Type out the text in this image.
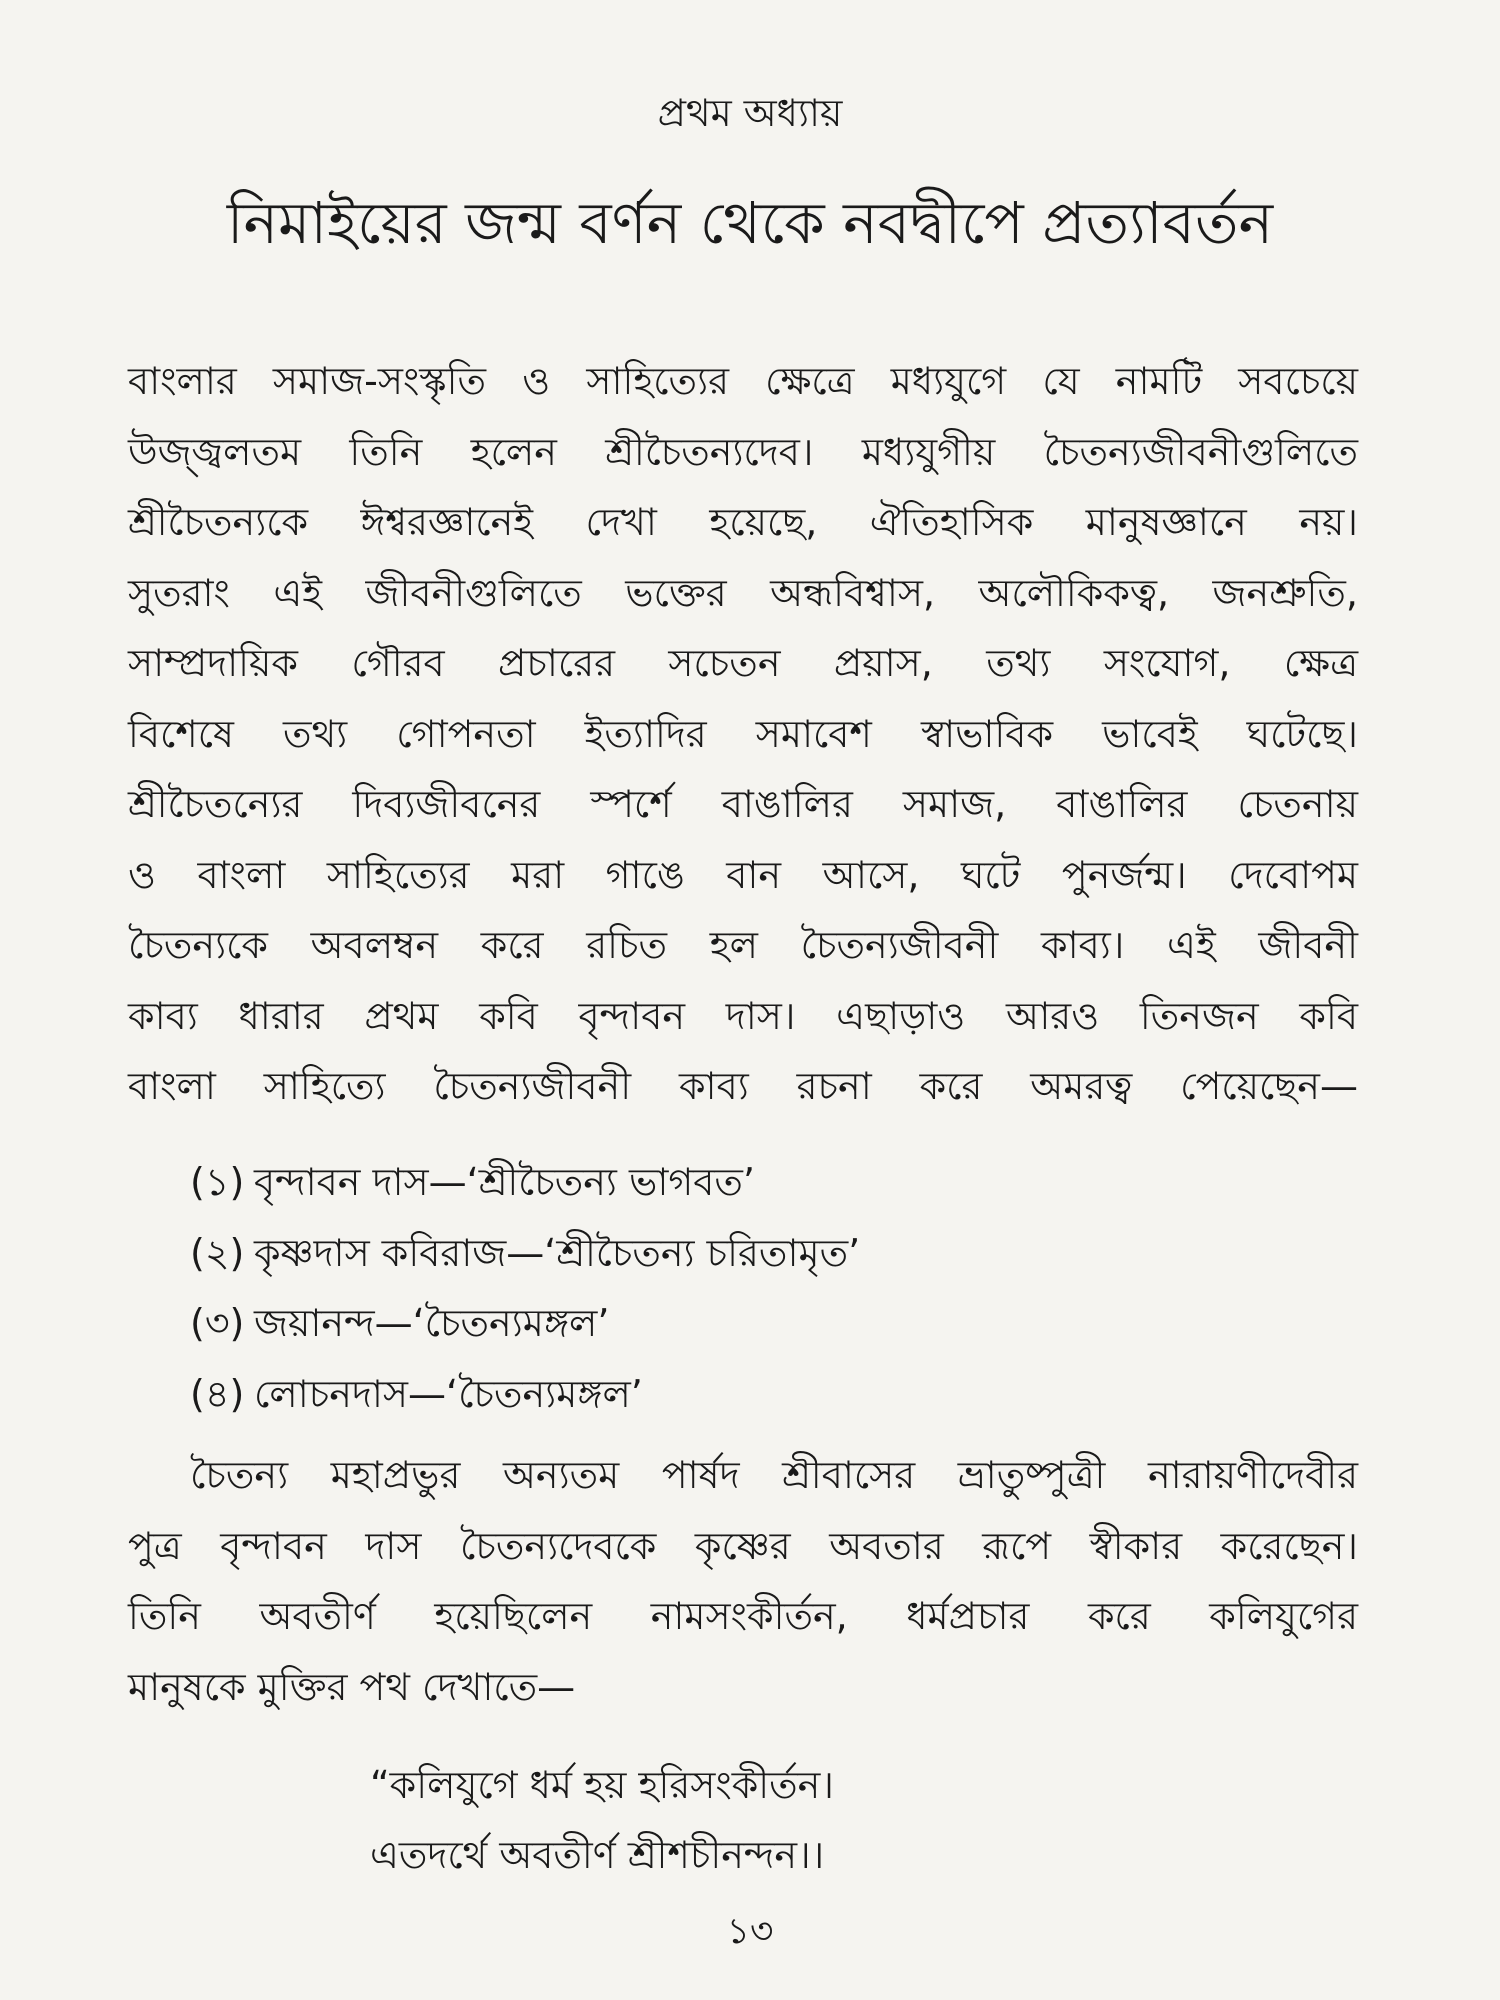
প্রথম অধ্যায়
নিমাইয়ের জন্ম বর্ণন থেকে নবদ্বীপে প্রত্যাবর্তন
বাংলার সমাজ-সংস্কৃতি ও সাহিত্যের ক্ষেত্রে মধ্যযুগে যে নামটি সবচেয়ে
উজ্জ্বলতম তিনি হলেন শ্রীচৈতন্যদেব। মধ্যযুগীয় চৈতন্যজীবনীগুলিতে
শ্রীচৈতন্যকে ঈশ্বরজ্ঞানেই দেখা হয়েছে, ঐতিহাসিক মানুষজ্ঞানে নয়।
সুতরাং এই জীবনীগুলিতে ভক্তের অন্ধবিশ্বাস, অলৌকিকত্ব, জনশ্রুতি,
সাম্প্রদায়িক গৌরব প্রচারের সচেতন প্রয়াস, তথ্য সংযোগ, ক্ষেত্র
বিশেষে তথ্য গোপনতা ইত্যাদির সমাবেশ স্বাভাবিক ভাবেই ঘটেছে।
শ্রীচৈতন্যের দিব্যজীবনের স্পর্শে বাঙালির সমাজ, বাঙালির চেতনায়
ও বাংলা সাহিত্যের মরা গাঙে বান আসে, ঘটে পুনর্জন্ম। দেবোপম
চৈতন্যকে অবলম্বন করে রচিত হল চৈতন্যজীবনী কাব্য। এই জীবনী
কাব্য ধারার প্রথম কবি বৃন্দাবন দাস। এছাড়াও আরও তিনজন কবি
বাংলা সাহিত্যে চৈতন্যজীবনী কাব্য রচনা করে অমরত্ব পেয়েছেন—
(১) বৃন্দাবন দাস—‘শ্রীচৈতন্য ভাগবত’
(২) কৃষ্ণদাস কবিরাজ—‘শ্রীচৈতন্য চরিতামৃত’
(৩) জয়ানন্দ—‘চৈতন্যমঙ্গল’
(৪) লোচনদাস—‘চৈতন্যমঙ্গল’
চৈতন্য মহাপ্রভুর অন্যতম পার্ষদ শ্রীবাসের ভ্রাতুষ্পুত্রী নারায়ণীদেবীর
পুত্র বৃন্দাবন দাস চৈতন্যদেবকে কৃষ্ণের অবতার রূপে স্বীকার করেছেন।
তিনি অবতীর্ণ হয়েছিলেন নামসংকীর্তন, ধর্মপ্রচার করে কলিযুগের
মানুষকে মুক্তির পথ দেখাতে—
“কলিযুগে ধর্ম হয় হরিসংকীর্তন।
এতদর্থে অবতীর্ণ শ্রীশচীনন্দন।।
১৩
